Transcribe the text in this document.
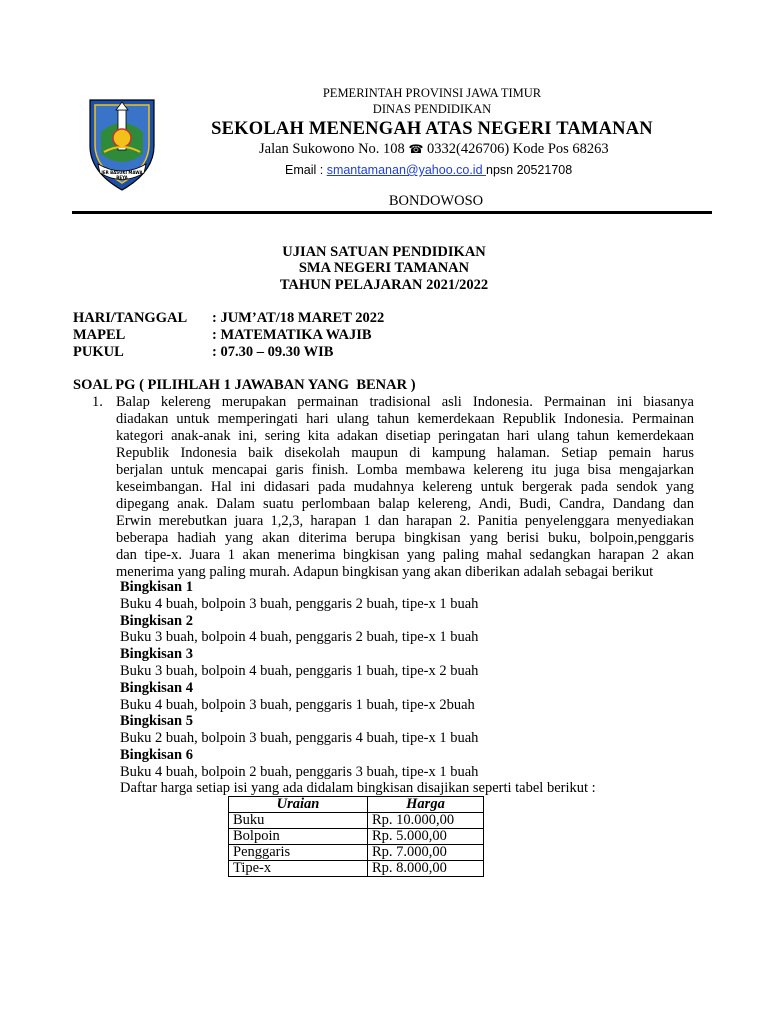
JER BASUKI MAWA BEYA
PEMERINTAH PROVINSI JAWA TIMUR
DINAS PENDIDIKAN
SEKOLAH MENENGAH ATAS NEGERI TAMANAN
Jalan Sukowono No. 108 ☎ 0332(426706) Kode Pos 68263
Email : smantamanan@yahoo.co.id npsn 20521708
BONDOWOSO
UJIAN SATUAN PENDIDIKAN
SMA NEGERI TAMANAN
TAHUN PELAJARAN 2021/2022
HARI/TANGGAL : JUM’AT/18 MARET 2022
MAPEL	: MATEMATIKA WAJIB
PUKUL	: 07.30 – 09.30 WIB
SOAL PG ( PILIHLAH 1 JAWABAN YANG  BENAR )
1. Balap kelereng merupakan permainan tradisional asli Indonesia. Permainan ini biasanya
diadakan untuk memperingati hari ulang tahun kemerdekaan Republik Indonesia. Permainan
kategori anak-anak ini, sering kita adakan disetiap peringatan hari ulang tahun kemerdekaan
Republik Indonesia baik disekolah maupun di kampung halaman. Setiap pemain harus
berjalan untuk mencapai garis finish. Lomba membawa kelereng itu juga bisa mengajarkan
keseimbangan. Hal ini didasari pada mudahnya kelereng untuk bergerak pada sendok yang
dipegang anak. Dalam suatu perlombaan balap kelereng, Andi, Budi, Candra, Dandang dan
Erwin merebutkan juara 1,2,3, harapan 1 dan harapan 2. Panitia penyelenggara menyediakan
beberapa hadiah yang akan diterima berupa bingkisan yang berisi buku, bolpoin,penggaris
dan tipe-x. Juara 1 akan menerima bingkisan yang paling mahal sedangkan harapan 2 akan
menerima yang paling murah. Adapun bingkisan yang akan diberikan adalah sebagai berikut
Bingkisan 1
Buku 4 buah, bolpoin 3 buah, penggaris 2 buah, tipe-x 1 buah
Bingkisan 2
Buku 3 buah, bolpoin 4 buah, penggaris 2 buah, tipe-x 1 buah
Bingkisan 3
Buku 3 buah, bolpoin 4 buah, penggaris 1 buah, tipe-x 2 buah
Bingkisan 4
Buku 4 buah, bolpoin 3 buah, penggaris 1 buah, tipe-x 2buah
Bingkisan 5
Buku 2 buah, bolpoin 3 buah, penggaris 4 buah, tipe-x 1 buah
Bingkisan 6
Buku 4 buah, bolpoin 2 buah, penggaris 3 buah, tipe-x 1 buah
Daftar harga setiap isi yang ada didalam bingkisan disajikan seperti tabel berikut :
Uraian	Harga
Buku	Rp. 10.000,00
Bolpoin	Rp. 5.000,00
Penggaris	Rp. 7.000,00
Tipe-x	Rp. 8.000,00
